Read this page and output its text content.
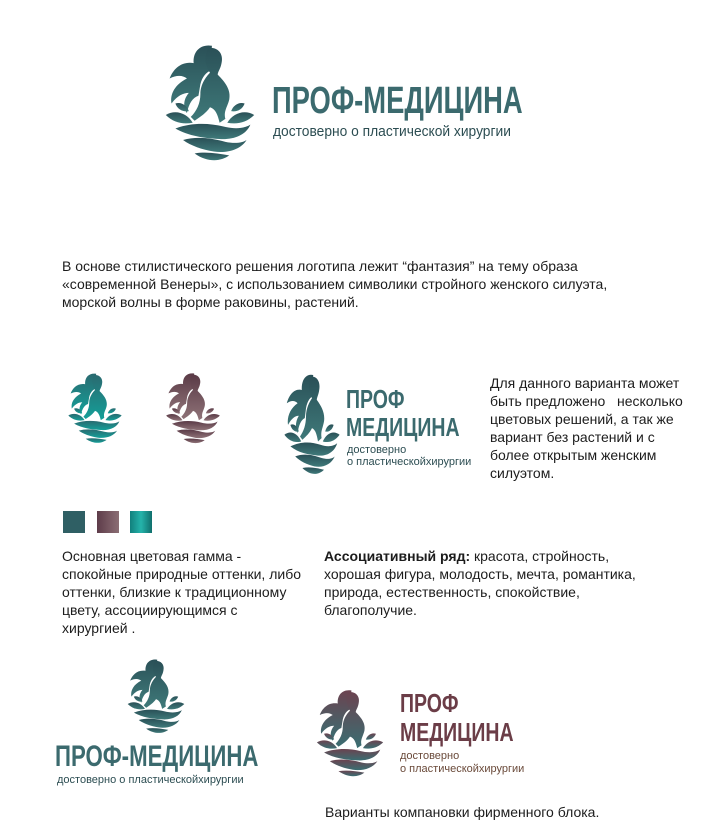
ПРОФ-МЕДИЦИНА
достоверно о пластической хирургии
В основе стилистического решения логотипа лежит “фантазия” на тему образа
«современной Венеры», с использованием символики стройного женского силуэта,
морской волны в форме раковины, растений.
ПРОФ
МЕДИЦИНА
достоверно
о пластическойхирургии
Для данного варианта может
быть предложено   несколько
цветовых решений, а так же
вариант без растений и с
более открытым женским
силуэтом.
Основная цветовая гамма -
спокойные природные оттенки, либо
оттенки, близкие к традиционному
цвету, ассоциирующимся с
хирургией .
Ассоциативный ряд: красота, стройность,
хорошая фигура, молодость, мечта, романтика,
природа, естественность, спокойствие,
благополучие.
ПРОФ-МЕДИЦИНА
достоверно о пластическойхирургии
ПРОФ
МЕДИЦИНА
достоверно
о пластическойхирургии
Варианты компановки фирменного блока.
